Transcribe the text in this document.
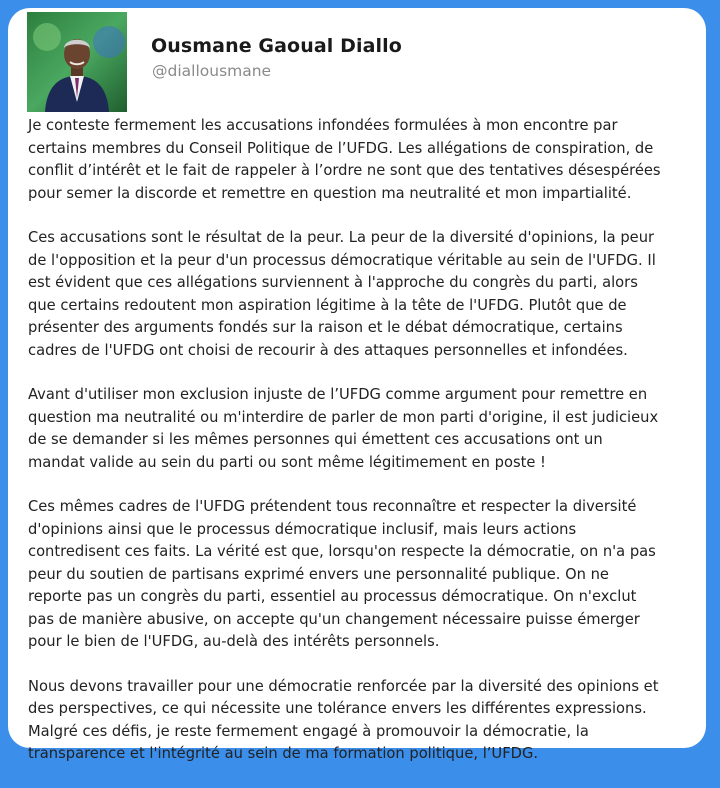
Ousmane Gaoual Diallo
@diallousmane

Je conteste fermement les accusations infondées formulées à mon encontre par
certains membres du Conseil Politique de l’UFDG. Les allégations de conspiration, de
conflit d’intérêt et le fait de rappeler à l’ordre ne sont que des tentatives désespérées
pour semer la discorde et remettre en question ma neutralité et mon impartialité.

Ces accusations sont le résultat de la peur. La peur de la diversité d'opinions, la peur
de l'opposition et la peur d'un processus démocratique véritable au sein de l'UFDG. Il
est évident que ces allégations surviennent à l'approche du congrès du parti, alors
que certains redoutent mon aspiration légitime à la tête de l'UFDG. Plutôt que de
présenter des arguments fondés sur la raison et le débat démocratique, certains
cadres de l'UFDG ont choisi de recourir à des attaques personnelles et infondées.

Avant d'utiliser mon exclusion injuste de l’UFDG comme argument pour remettre en
question ma neutralité ou m'interdire de parler de mon parti d'origine, il est judicieux
de se demander si les mêmes personnes qui émettent ces accusations ont un
mandat valide au sein du parti ou sont même légitimement en poste !

Ces mêmes cadres de l'UFDG prétendent tous reconnaître et respecter la diversité
d'opinions ainsi que le processus démocratique inclusif, mais leurs actions
contredisent ces faits. La vérité est que, lorsqu'on respecte la démocratie, on n'a pas
peur du soutien de partisans exprimé envers une personnalité publique. On ne
reporte pas un congrès du parti, essentiel au processus démocratique. On n'exclut
pas de manière abusive, on accepte qu'un changement nécessaire puisse émerger
pour le bien de l'UFDG, au-delà des intérêts personnels.

Nous devons travailler pour une démocratie renforcée par la diversité des opinions et
des perspectives, ce qui nécessite une tolérance envers les différentes expressions.
Malgré ces défis, je reste fermement engagé à promouvoir la démocratie, la
transparence et l'intégrité au sein de ma formation politique, l’UFDG.
